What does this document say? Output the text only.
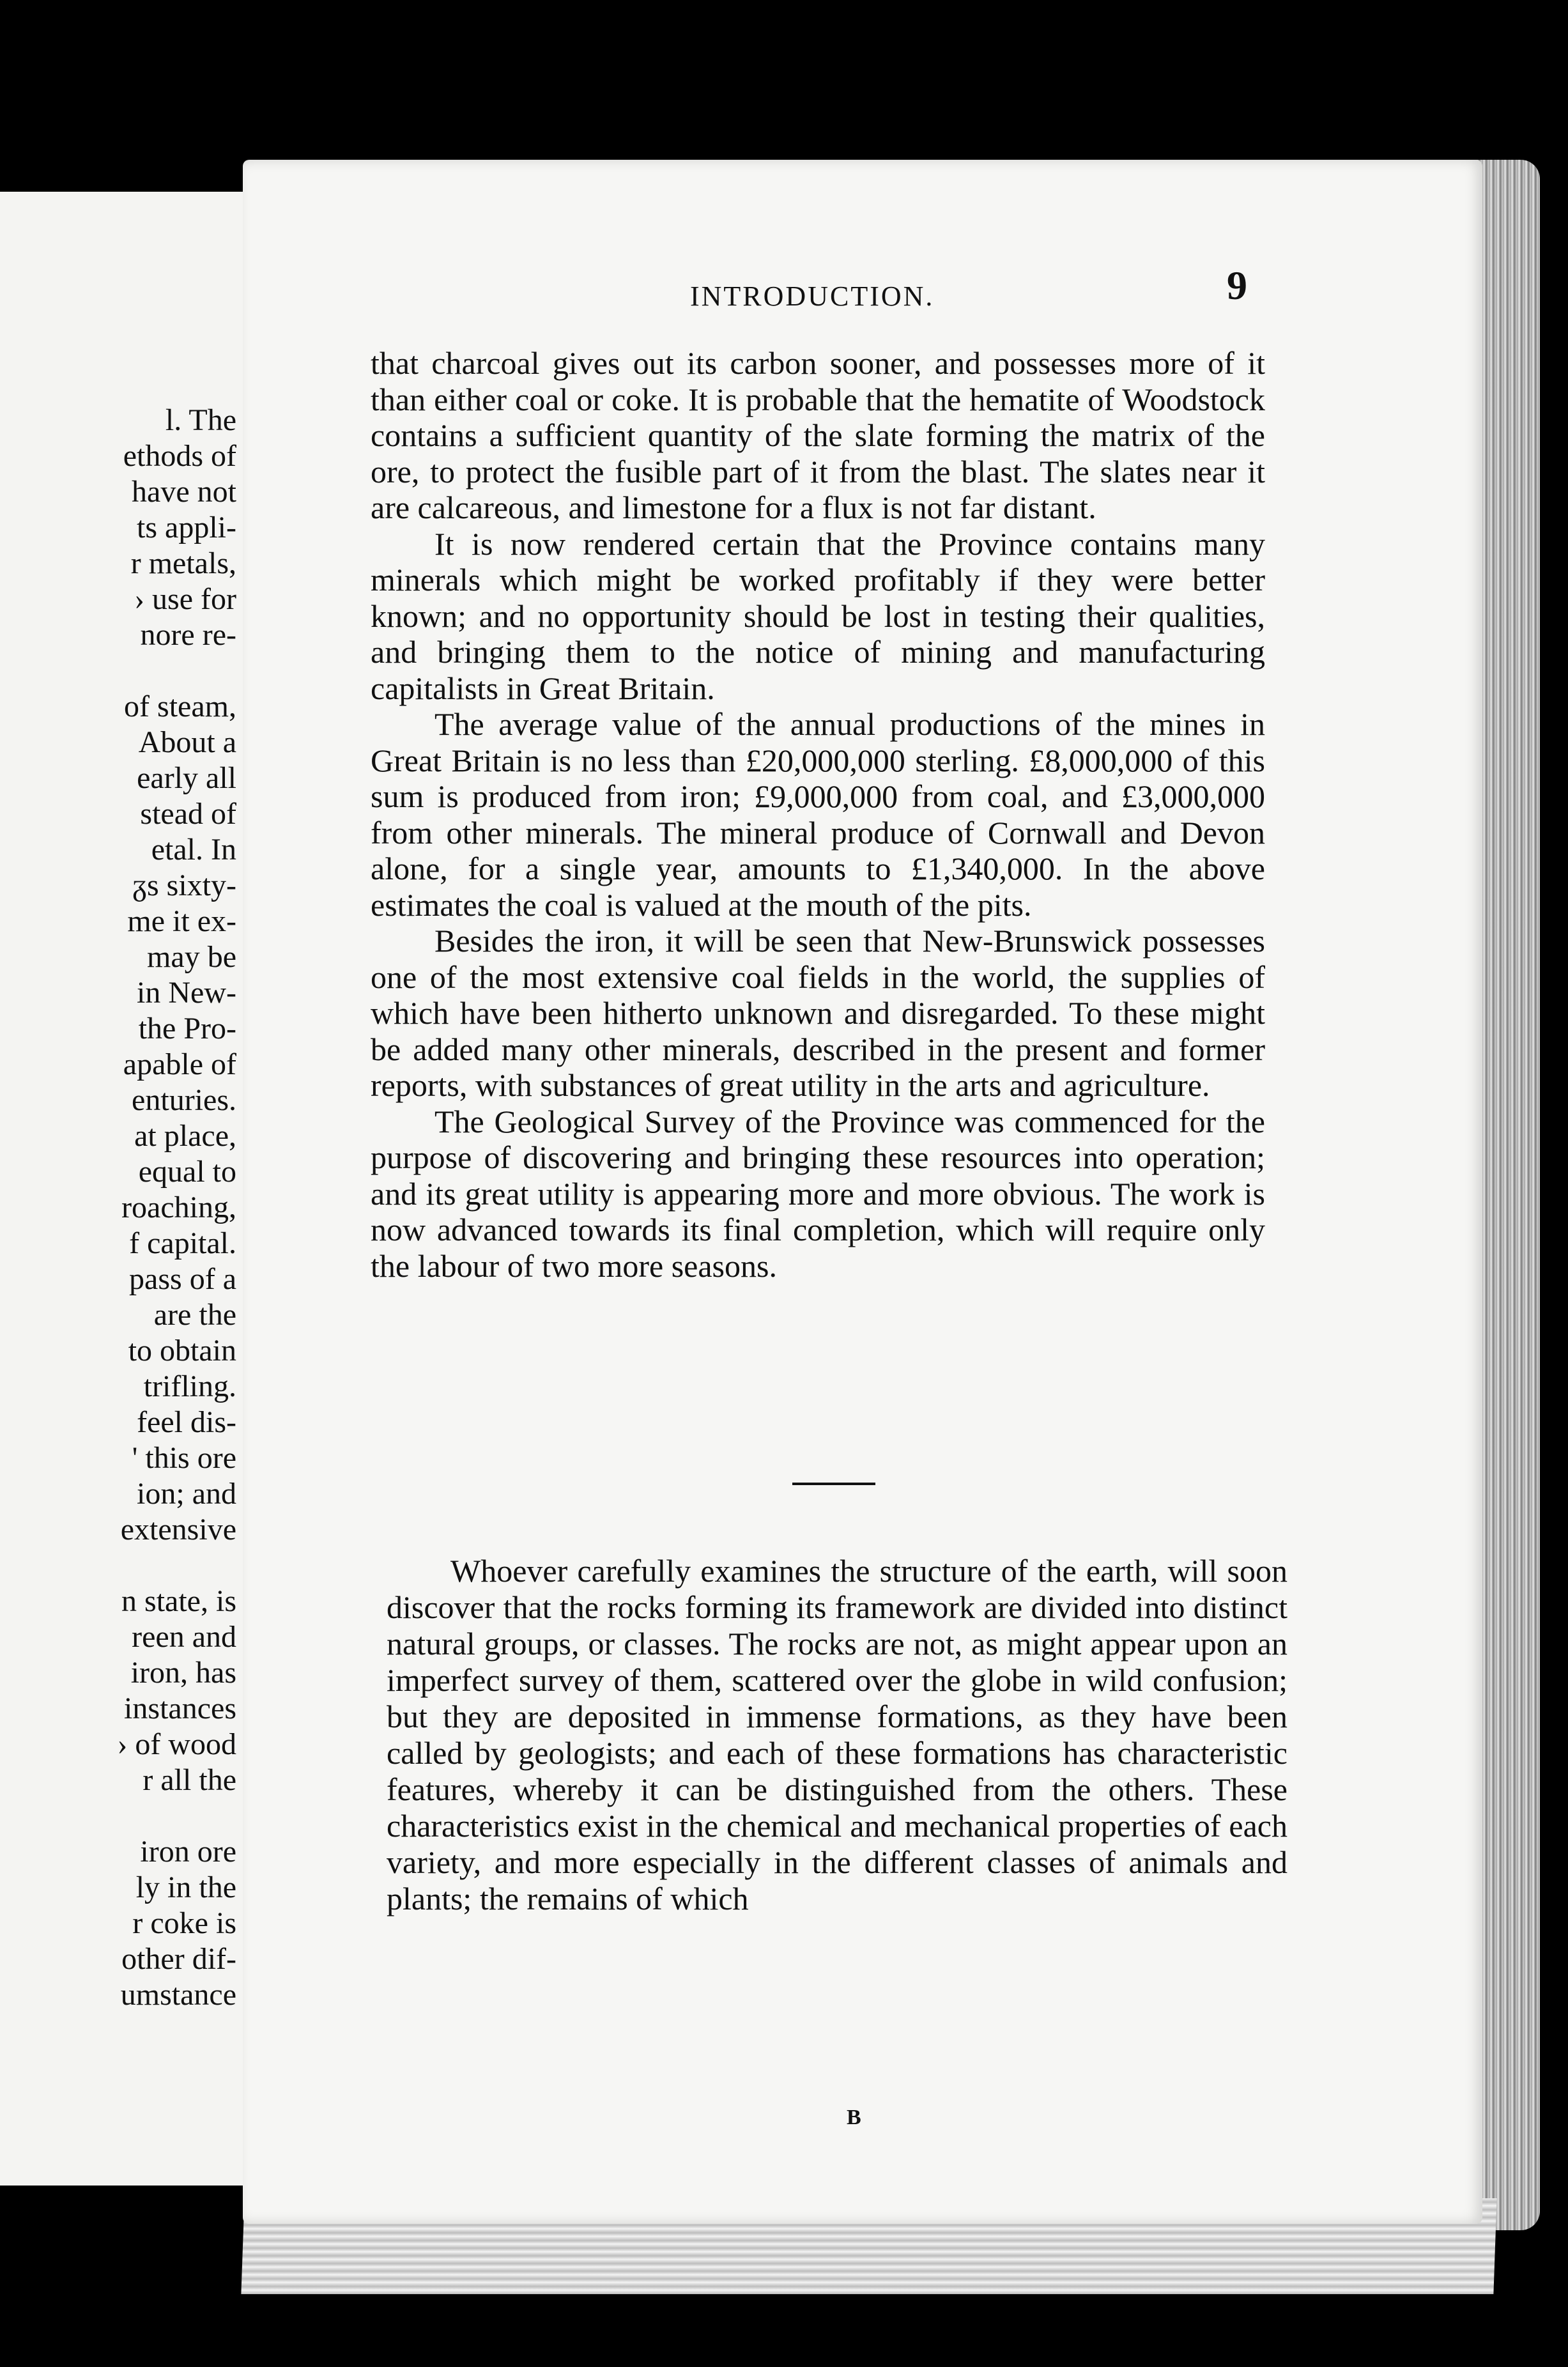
l. The
ethods of
have not
ts appli-
r metals,
› use for
nore re-
of steam,
About a
early all
stead of
etal. In
ᵹs sixty-
me it ex-
may be
in New-
the Pro-
apable of
enturies.
at place,
equal to
roaching,
f capital.
pass of a
are the
to obtain
trifling.
feel dis-
' this ore
ion; and
extensive
n state, is
reen and
iron, has
instances
› of wood
r all the
iron ore
ly in the
r coke is
other dif-
umstance
INTRODUCTION.	9

that charcoal gives out its carbon sooner, and possesses more of it than either coal or coke. It is probable that the hematite of Woodstock contains a sufficient quantity of the slate forming the matrix of the ore, to protect the fusible part of it from the blast. The slates near it are calcareous, and limestone for a flux is not far distant.

It is now rendered certain that the Province contains many minerals which might be worked profitably if they were better known; and no opportunity should be lost in testing their qualities, and bringing them to the notice of mining and manufacturing capitalists in Great Britain.

The average value of the annual productions of the mines in Great Britain is no less than £20,000,000 sterling. £8,000,000 of this sum is produced from iron; £9,000,000 from coal, and £3,000,000 from other minerals. The mineral produce of Cornwall and Devon alone, for a single year, amounts to £1,340,000. In the above estimates the coal is valued at the mouth of the pits.

Besides the iron, it will be seen that New-Brunswick possesses one of the most extensive coal fields in the world, the supplies of which have been hitherto unknown and disregarded. To these might be added many other minerals, described in the present and former reports, with substances of great utility in the arts and agriculture.

The Geological Survey of the Province was commenced for the purpose of discovering and bringing these resources into operation; and its great utility is appearing more and more obvious. The work is now advanced towards its final completion, which will require only the labour of two more seasons.

Whoever carefully examines the structure of the earth, will soon discover that the rocks forming its framework are divided into distinct natural groups, or classes. The rocks are not, as might appear upon an imperfect survey of them, scattered over the globe in wild confusion; but they are deposited in immense formations, as they have been called by geologists; and each of these formations has characteristic features, whereby it can be distinguished from the others. These characteristics exist in the chemical and mechanical properties of each variety, and more especially in the different classes of animals and plants; the remains of which

B
